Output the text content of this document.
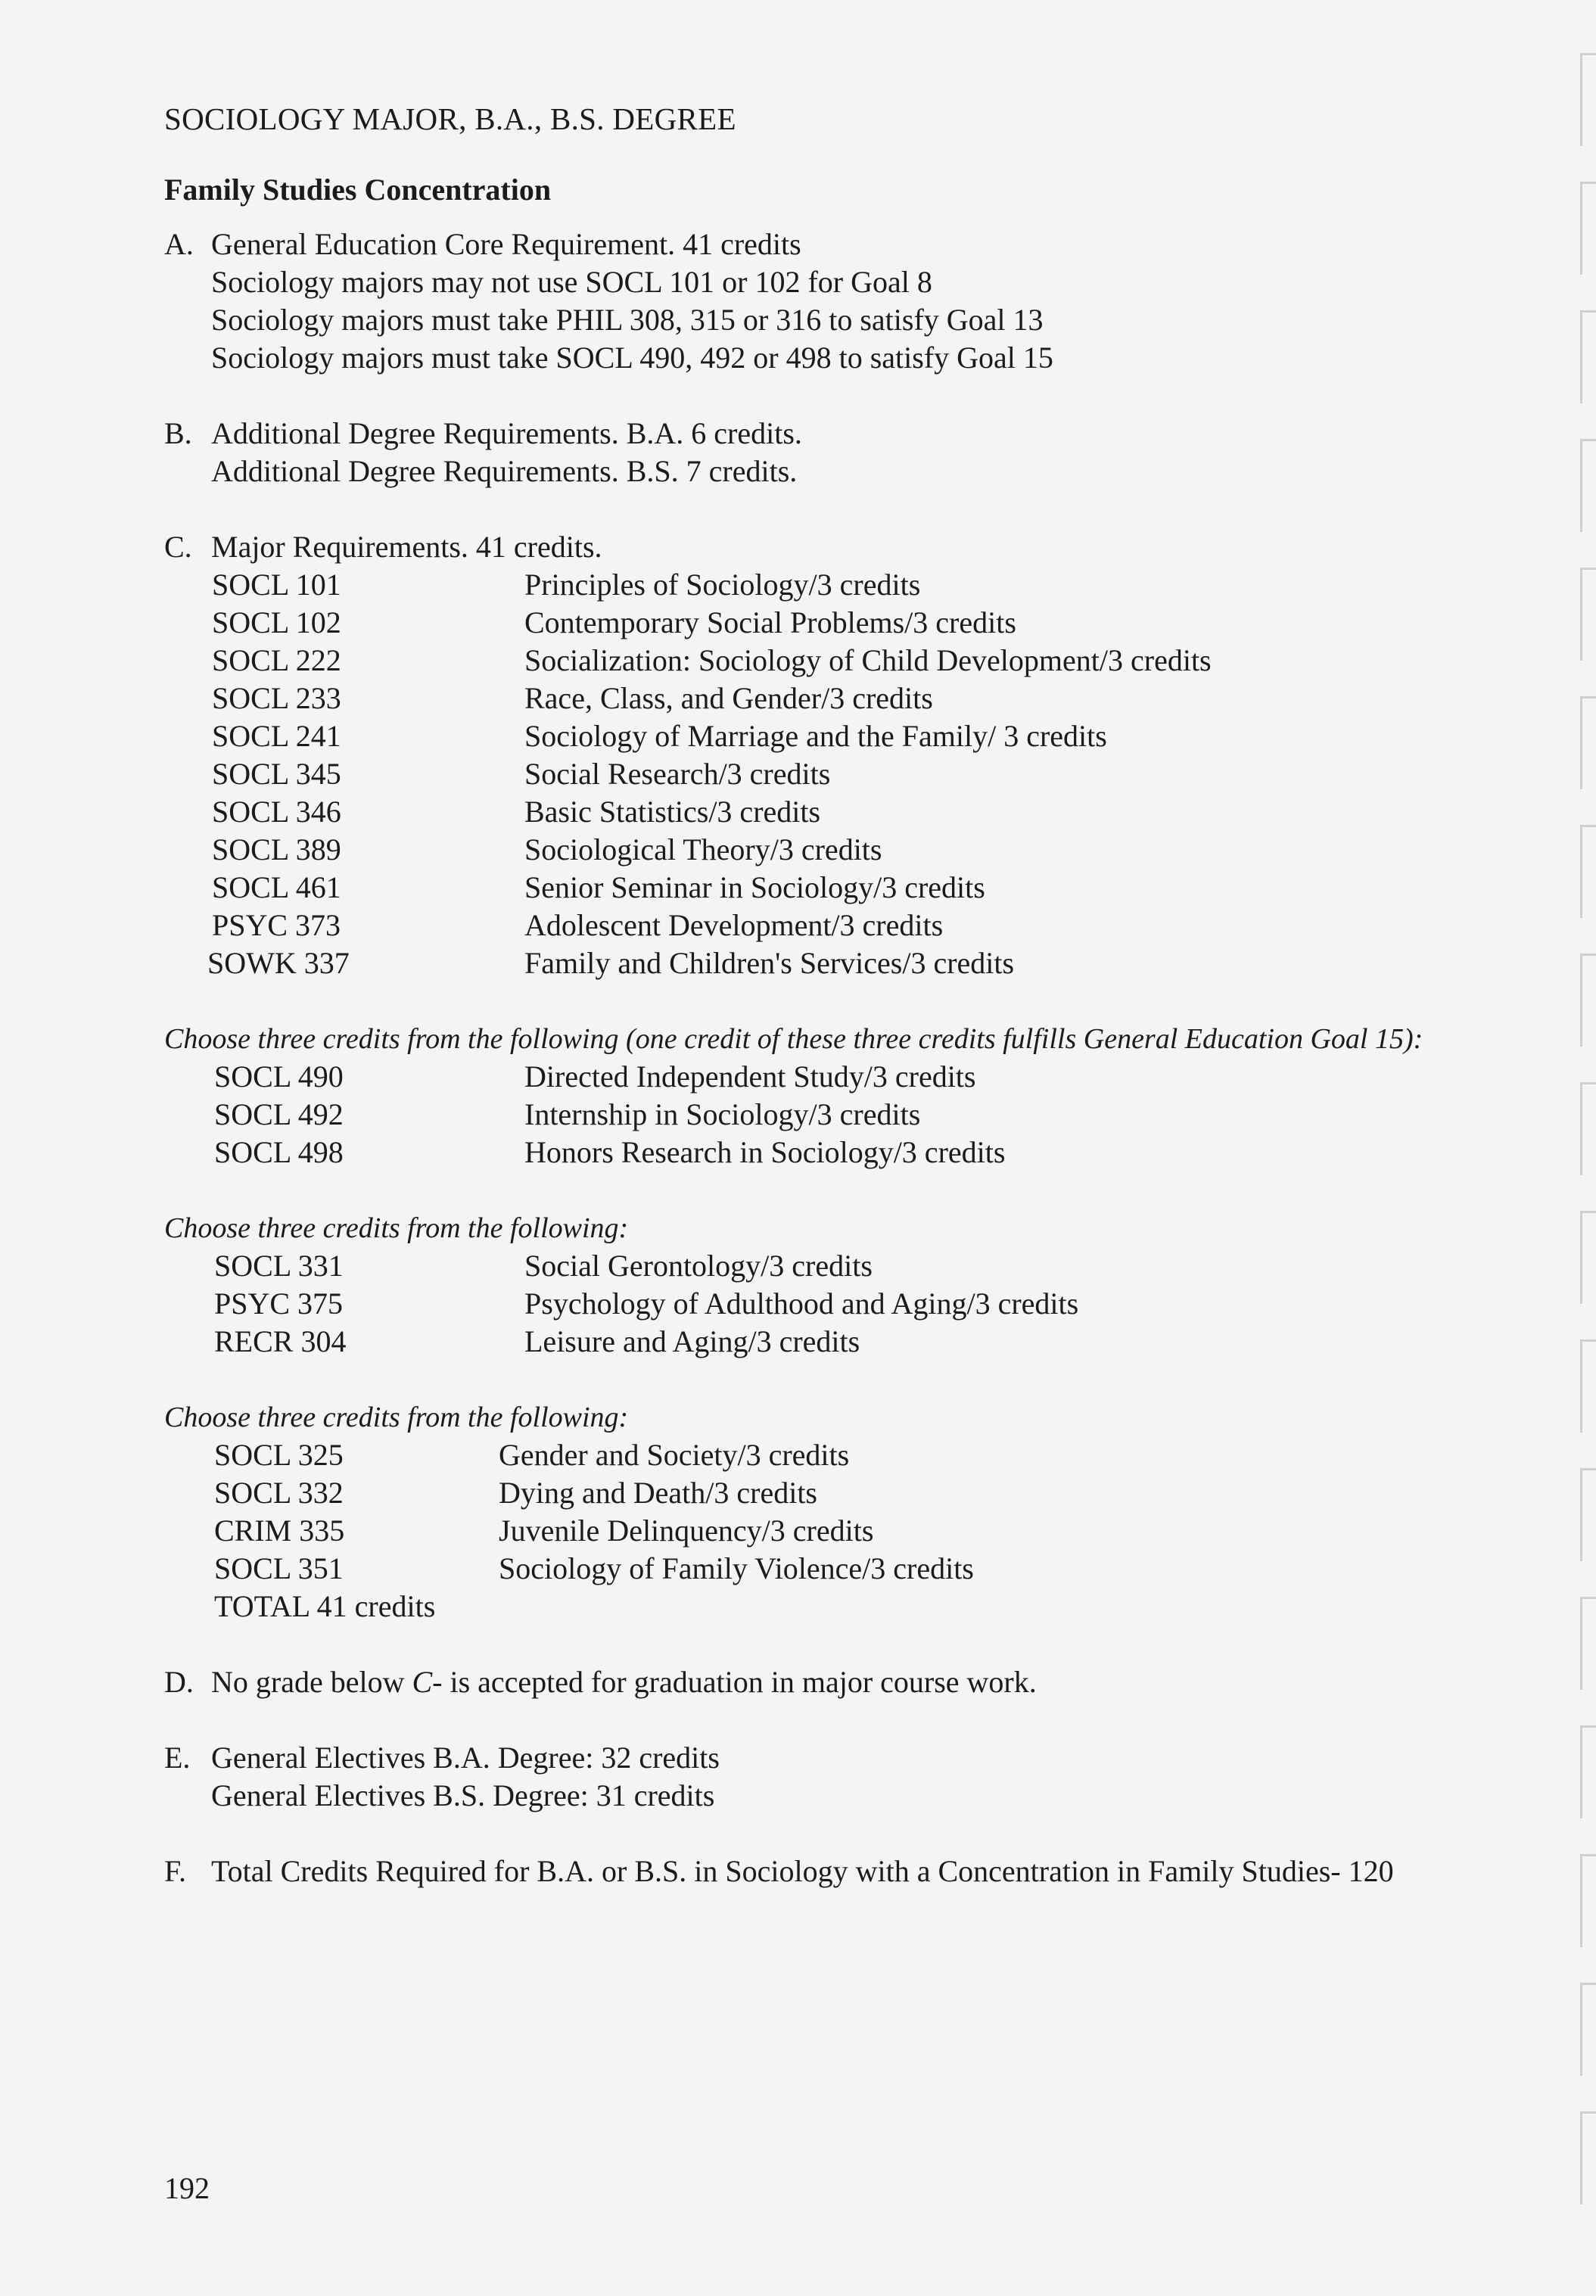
SOCIOLOGY MAJOR, B.A., B.S. DEGREE
Family Studies Concentration
A. General Education Core Requirement. 41 credits
Sociology majors may not use SOCL 101 or 102 for Goal 8
Sociology majors must take PHIL 308, 315 or 316 to satisfy Goal 13
Sociology majors must take SOCL 490, 492 or 498 to satisfy Goal 15
B. Additional Degree Requirements. B.A. 6 credits.
Additional Degree Requirements. B.S. 7 credits.
C. Major Requirements. 41 credits.
SOCL 101	Principles of Sociology/3 credits
SOCL 102	Contemporary Social Problems/3 credits
SOCL 222	Socialization: Sociology of Child Development/3 credits
SOCL 233	Race, Class, and Gender/3 credits
SOCL 241	Sociology of Marriage and the Family/ 3 credits
SOCL 345	Social Research/3 credits
SOCL 346	Basic Statistics/3 credits
SOCL 389	Sociological Theory/3 credits
SOCL 461	Senior Seminar in Sociology/3 credits
PSYC 373	Adolescent Development/3 credits
SOWK 337	Family and Children's Services/3 credits
Choose three credits from the following (one credit of these three credits fulfills General Education Goal 15):
SOCL 490	Directed Independent Study/3 credits
SOCL 492	Internship in Sociology/3 credits
SOCL 498	Honors Research in Sociology/3 credits
Choose three credits from the following:
SOCL 331	Social Gerontology/3 credits
PSYC 375	Psychology of Adulthood and Aging/3 credits
RECR 304	Leisure and Aging/3 credits
Choose three credits from the following:
SOCL 325	Gender and Society/3 credits
SOCL 332	Dying and Death/3 credits
CRIM 335	Juvenile Delinquency/3 credits
SOCL 351	Sociology of Family Violence/3 credits
TOTAL 41 credits
D. No grade below C- is accepted for graduation in major course work.
E. General Electives B.A. Degree: 32 credits
General Electives B.S. Degree: 31 credits
F. Total Credits Required for B.A. or B.S. in Sociology with a Concentration in Family Studies- 120
192
